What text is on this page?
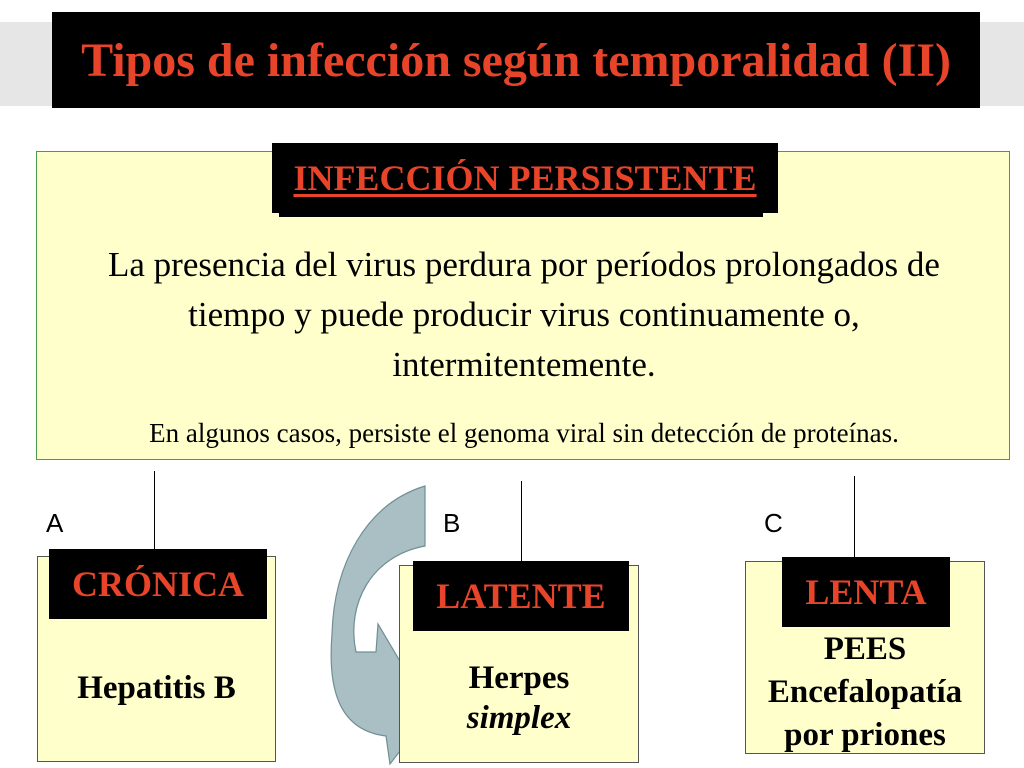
Tipos de infección según temporalidad (II)
INFECCIÓN PERSISTENTE
La presencia del virus perdura por períodos prolongados de
tiempo y puede producir virus continuamente o,
intermitentemente.
En algunos casos, persiste el genoma viral sin detección de proteínas.
A	B	C
CRÓNICA
Hepatitis B
LATENTE
Herpes
simplex
LENTA
PEES
Encefalopatía
por priones
